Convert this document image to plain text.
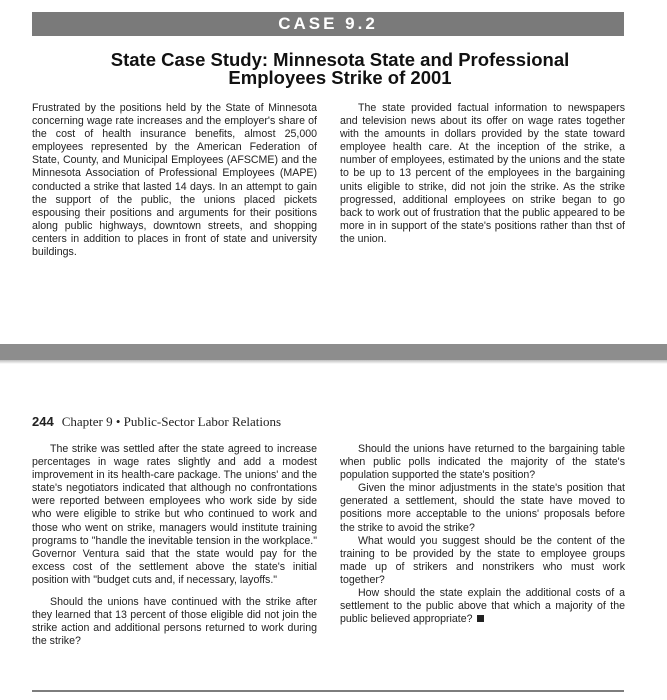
CASE 9.2
State Case Study: Minnesota State and Professional
Employees Strike of 2001

Frustrated by the positions held by the State of Minnesota concerning wage rate increases and the employer's share of the cost of health insurance benefits, almost 25,000 employees represented by the American Federation of State, County, and Municipal Employees (AFSCME) and the Minnesota Association of Professional Employees (MAPE) conducted a strike that lasted 14 days. In an attempt to gain the support of the public, the unions placed pickets espousing their positions and arguments for their positions along public highways, downtown streets, and shopping centers in addition to places in front of state and university buildings.

The state provided factual information to newspapers and television news about its offer on wage rates together with the amounts in dollars provided by the state toward employee health care. At the inception of the strike, a number of employees, estimated by the unions and the state to be up to 13 percent of the employees in the bargaining units eligible to strike, did not join the strike. As the strike progressed, additional employees on strike began to go back to work out of frustration that the public appeared to be more in in support of the state's positions rather than thst of the union.

244 Chapter 9 • Public-Sector Labor Relations

The strike was settled after the state agreed to increase percentages in wage rates slightly and add a modest improvement in its health-care package. The unions' and the state's negotiators indicated that although no confrontations were reported between employees who work side by side who were eligible to strike but who continued to work and those who went on strike, managers would institute training programs to "handle the inevitable tension in the workplace." Governor Ventura said that the state would pay for the excess cost of the settlement above the state's initial position with "budget cuts and, if necessary, layoffs."

Should the unions have continued with the strike after they learned that 13 percent of those eligible did not join the strike action and additional persons returned to work during the strike?

Should the unions have returned to the bargaining table when public polls indicated the majority of the state's population supported the state's position?

Given the minor adjustments in the state's position that generated a settlement, should the state have moved to positions more acceptable to the unions' proposals before the strike to avoid the strike?

What would you suggest should be the content of the training to be provided by the state to employee groups made up of strikers and nonstrikers who must work together?

How should the state explain the additional costs of a settlement to the public above that which a majority of the public believed appropriate?
